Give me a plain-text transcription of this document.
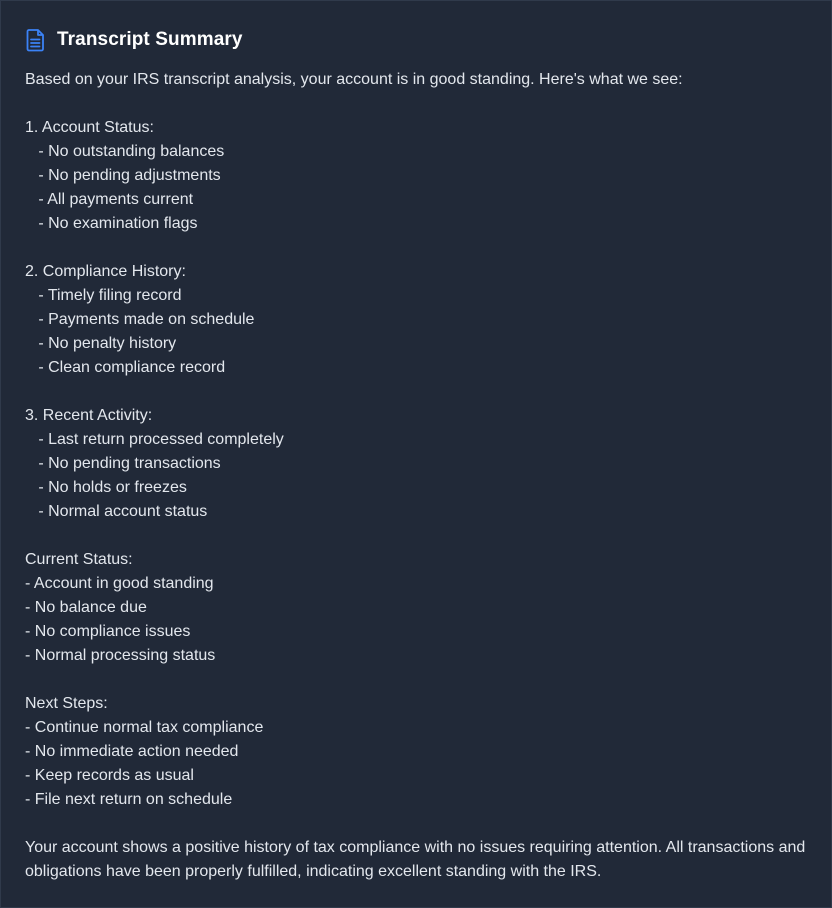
Transcript Summary
Based on your IRS transcript analysis, your account is in good standing. Here's what we see:
1. Account Status:
- No outstanding balances
- No pending adjustments
- All payments current
- No examination flags
2. Compliance History:
- Timely filing record
- Payments made on schedule
- No penalty history
- Clean compliance record
3. Recent Activity:
- Last return processed completely
- No pending transactions
- No holds or freezes
- Normal account status
Current Status:
- Account in good standing
- No balance due
- No compliance issues
- Normal processing status
Next Steps:
- Continue normal tax compliance
- No immediate action needed
- Keep records as usual
- File next return on schedule
Your account shows a positive history of tax compliance with no issues requiring attention. All transactions and obligations have been properly fulfilled, indicating excellent standing with the IRS.
